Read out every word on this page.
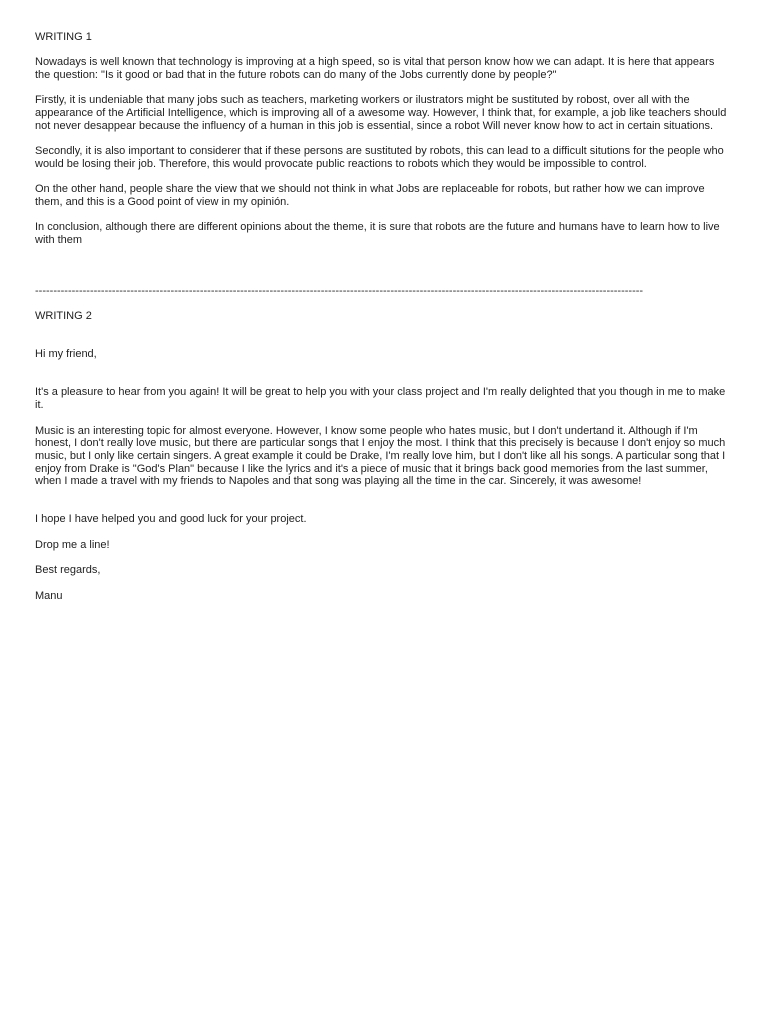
WRITING 1

Nowadays is well known that technology is improving at a high speed, so is vital that person know how we can adapt. It is here that appears the question: "Is it good or bad that in the future robots can do many of the Jobs currently done by people?"

Firstly, it is undeniable that many jobs such as teachers, marketing workers or ilustrators might be sustituted by robost, over all with the appearance of the Artificial Intelligence, which is improving all of a awesome way. However, I think that, for example, a job like teachers should not never desappear because the influency of a human in this job is essential, since a robot Will never know how to act in certain situations.

Secondly, it is also important to considerer that if these persons are sustituted by robots, this can lead to a difficult situtions for the people who would be losing their job. Therefore, this would provocate public reactions to robots which they would be impossible to control.

On the other hand, people share the view that we should not think in what Jobs are replaceable for robots, but rather how we can improve them, and this is a Good point of view in my opinión.

In conclusion, although there are different opinions about the theme, it is sure that robots are the future and humans have to learn how to live with them

----------------------------------------------------------------------------------------------------------------------------------------------------------------------

WRITING 2

Hi my friend,

It's a pleasure to hear from you again! It will be great to help you with your class project and I'm really delighted that you though in me to make it.

Music is an interesting topic for almost everyone. However, I know some people who hates music, but I don't undertand it. Although if I'm honest, I don't really love music, but there are particular songs that I enjoy the most. I think that this precisely is because I don't enjoy so much music, but I only like certain singers. A great example it could be Drake, I'm really love him, but I don't like all his songs. A particular song that I enjoy from Drake is "God's Plan" because I like the lyrics and it's a piece of music that it brings back good memories from the last summer, when I made a travel with my friends to Napoles and that song was playing all the time in the car. Sincerely, it was awesome!

I hope I have helped you and good luck for your project.

Drop me a line!

Best regards,

Manu
